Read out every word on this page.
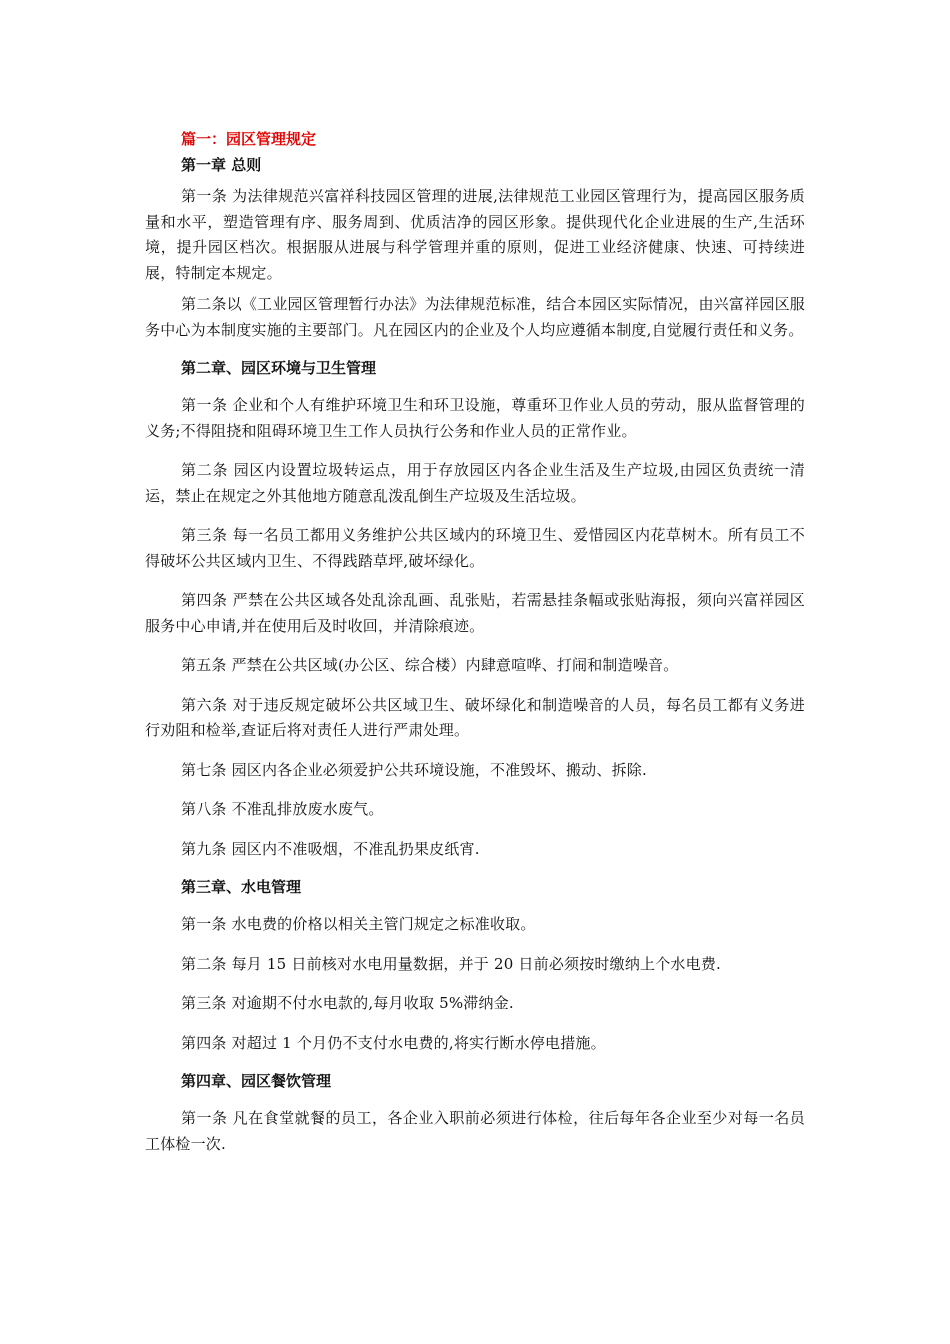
篇一：园区管理规定
第一章 总则

第一条 为法律规范兴富祥科技园区管理的进展,法律规范工业园区管理行为，提高园区服务质量和水平，塑造管理有序、服务周到、优质洁净的园区形象。提供现代化企业进展的生产,生活环境，提升园区档次。根据服从进展与科学管理并重的原则，促进工业经济健康、快速、可持续进展，特制定本规定。

第二条以《工业园区管理暂行办法》为法律规范标准，结合本园区实际情况，由兴富祥园区服务中心为本制度实施的主要部门。凡在园区内的企业及个人均应遵循本制度,自觉履行责任和义务。

第二章、园区环境与卫生管理

第一条 企业和个人有维护环境卫生和环卫设施，尊重环卫作业人员的劳动，服从监督管理的义务;不得阻挠和阻碍环境卫生工作人员执行公务和作业人员的正常作业。

第二条 园区内设置垃圾转运点，用于存放园区内各企业生活及生产垃圾,由园区负责统一清运，禁止在规定之外其他地方随意乱泼乱倒生产垃圾及生活垃圾。

第三条 每一名员工都用义务维护公共区域内的环境卫生、爱惜园区内花草树木。所有员工不得破坏公共区域内卫生、不得践踏草坪,破坏绿化。

第四条 严禁在公共区域各处乱涂乱画、乱张贴，若需悬挂条幅或张贴海报，须向兴富祥园区服务中心申请,并在使用后及时收回，并清除痕迹。

第五条 严禁在公共区域(办公区、综合楼）内肆意喧哗、打闹和制造噪音。

第六条 对于违反规定破坏公共区域卫生、破坏绿化和制造噪音的人员，每名员工都有义务进行劝阻和检举,查证后将对责任人进行严肃处理。

第七条 园区内各企业必须爱护公共环境设施，不准毁坏、搬动、拆除.

第八条 不准乱排放废水废气。

第九条 园区内不准吸烟，不准乱扔果皮纸宵.

第三章、水电管理

第一条 水电费的价格以相关主管门规定之标准收取。

第二条 每月 15 日前核对水电用量数据，并于 20 日前必须按时缴纳上个水电费.

第三条 对逾期不付水电款的,每月收取 5%滞纳金.

第四条 对超过 1 个月仍不支付水电费的,将实行断水停电措施。

第四章、园区餐饮管理

第一条 凡在食堂就餐的员工，各企业入职前必须进行体检，往后每年各企业至少对每一名员工体检一次.
